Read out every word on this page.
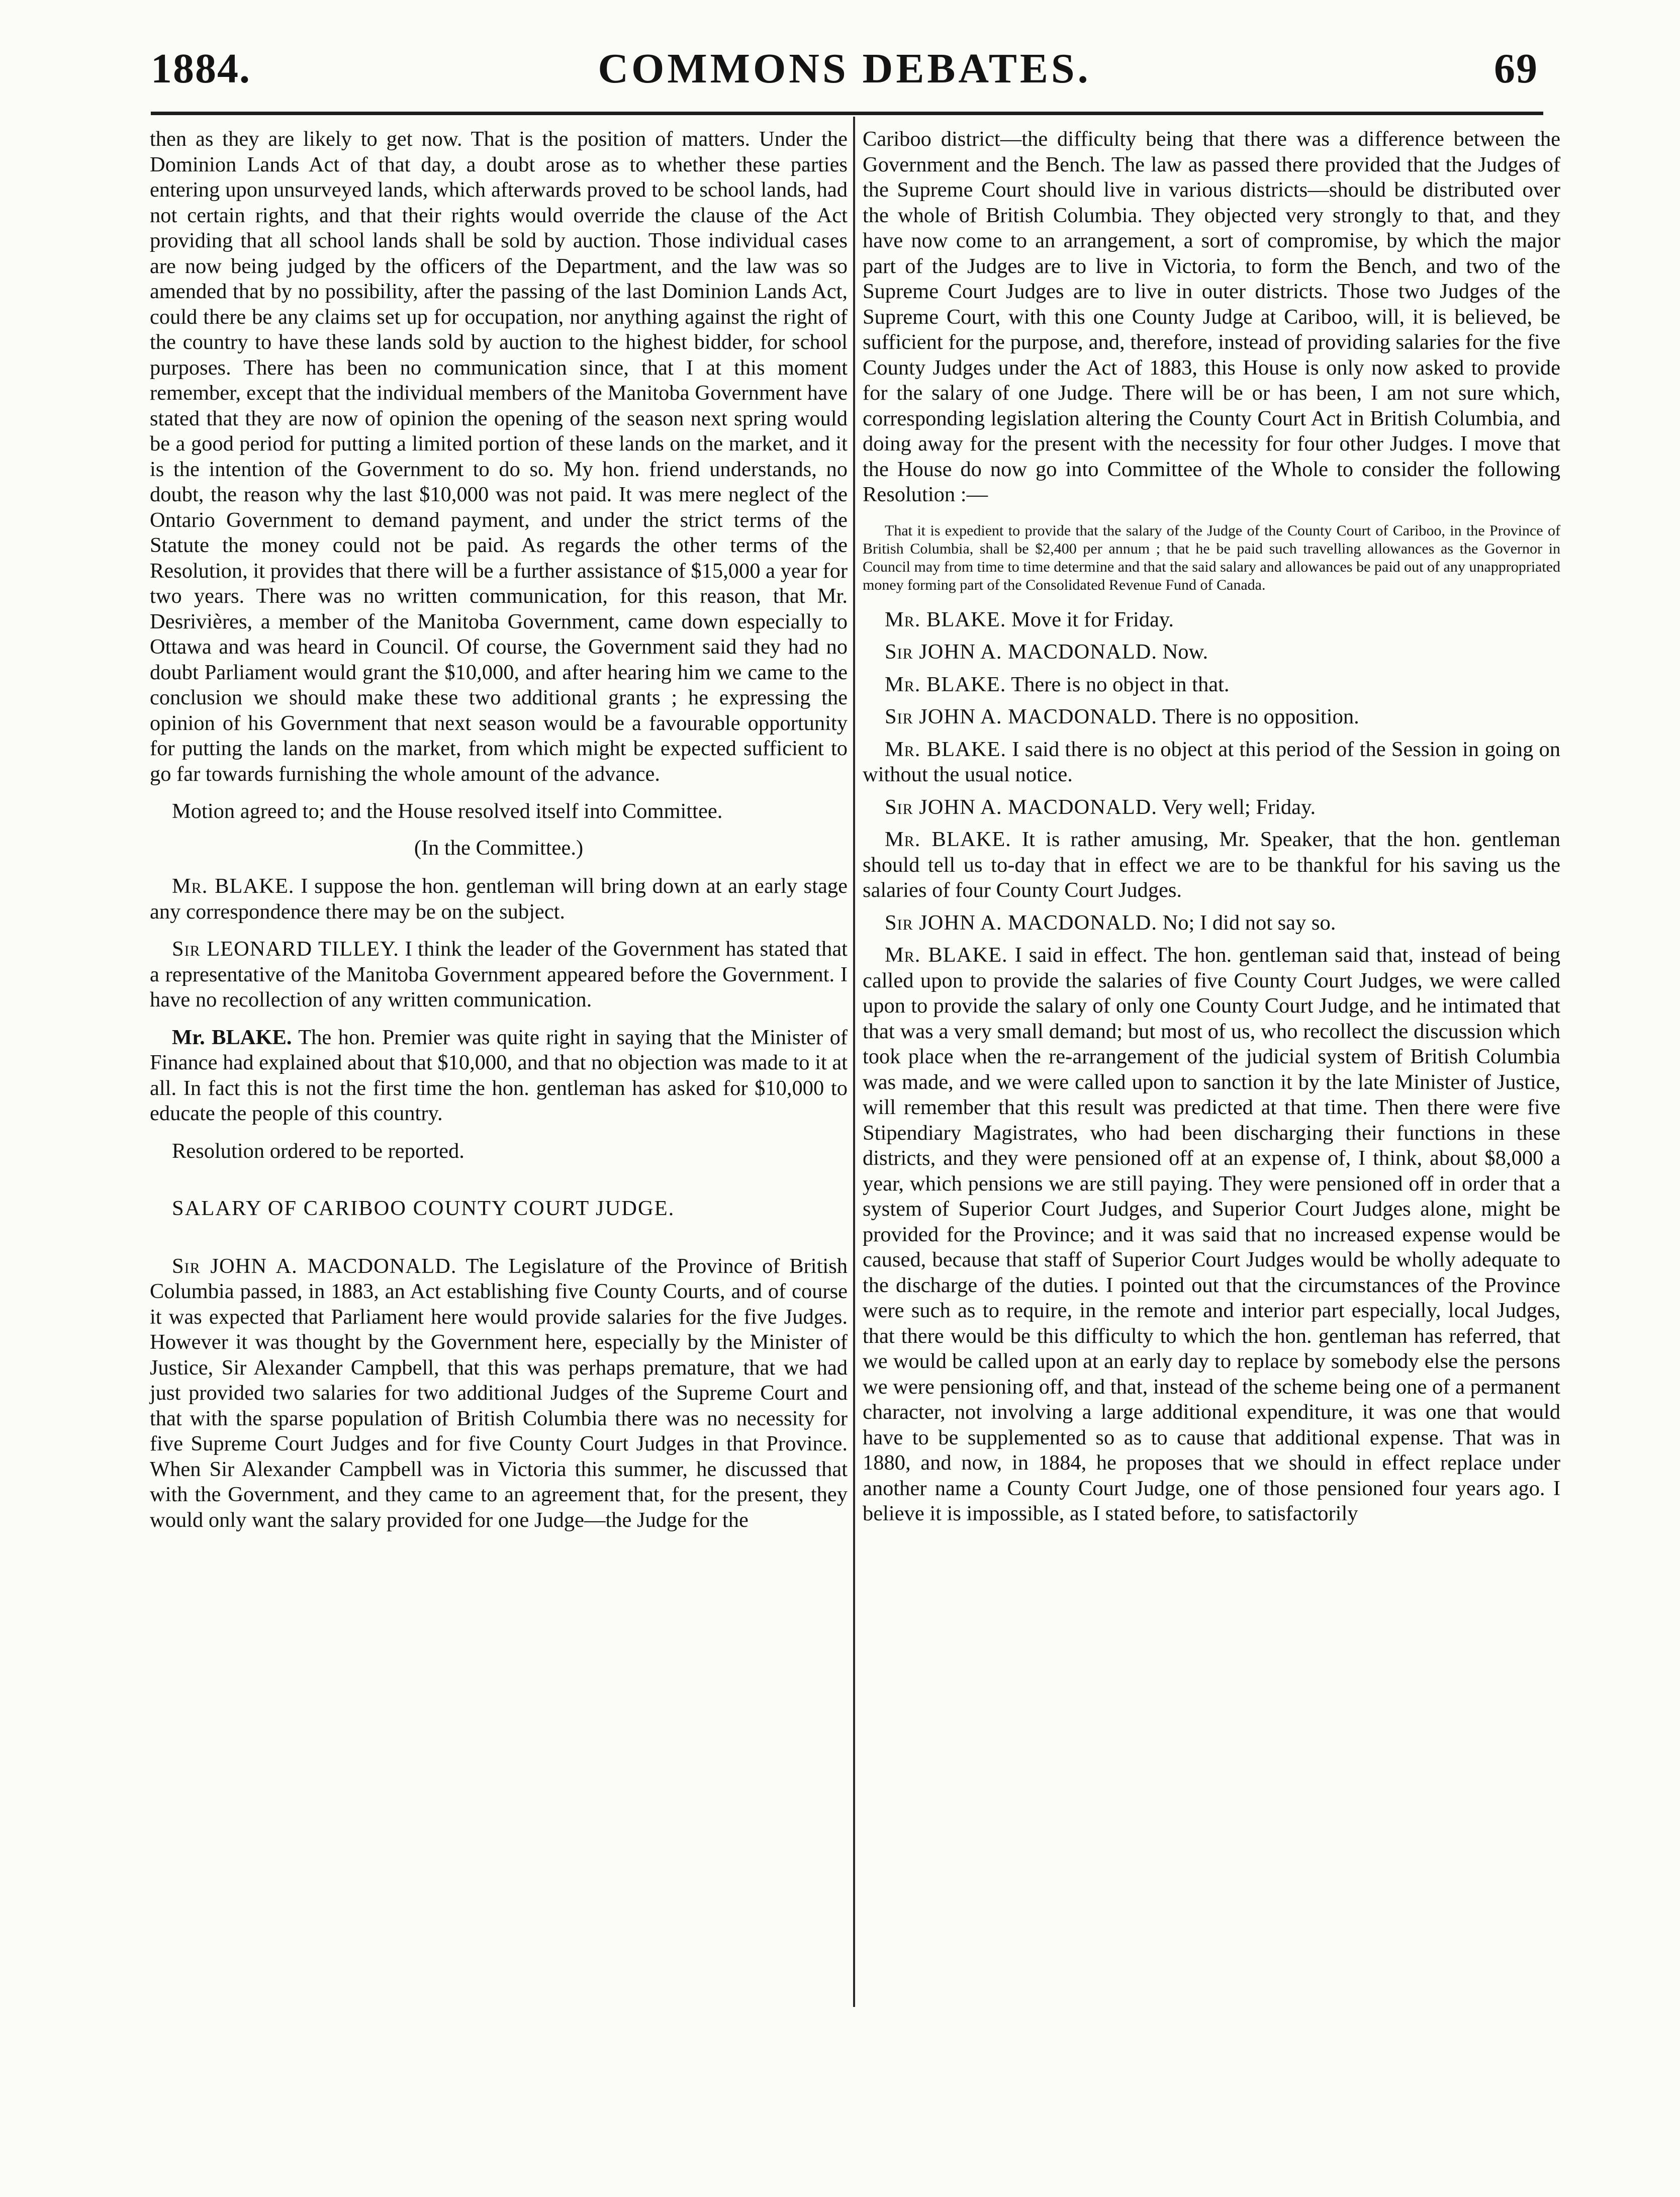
1884.	COMMONS DEBATES.	69

then as they are likely to get now. That is the position of matters. Under the Dominion Lands Act of that day, a doubt arose as to whether these parties entering upon unsurveyed lands, which afterwards proved to be school lands, had not certain rights, and that their rights would override the clause of the Act providing that all school lands shall be sold by auction. Those individual cases are now being judged by the officers of the Department, and the law was so amended that by no possibility, after the passing of the last Dominion Lands Act, could there be any claims set up for occupation, nor anything against the right of the country to have these lands sold by auction to the highest bidder, for school purposes. There has been no communication since, that I at this moment remember, except that the individual members of the Manitoba Government have stated that they are now of opinion the opening of the season next spring would be a good period for putting a limited portion of these lands on the market, and it is the intention of the Government to do so. My hon. friend understands, no doubt, the reason why the last $10,000 was not paid. It was mere neglect of the Ontario Government to demand payment, and under the strict terms of the Statute the money could not be paid. As regards the other terms of the Resolution, it provides that there will be a further assistance of $15,000 a year for two years. There was no written communication, for this reason, that Mr. Desrivières, a member of the Manitoba Government, came down especially to Ottawa and was heard in Council. Of course, the Government said they had no doubt Parliament would grant the $10,000, and after hearing him we came to the conclusion we should make these two additional grants ; he expressing the opinion of his Government that next season would be a favourable opportunity for putting the lands on the market, from which might be expected sufficient to go far towards furnishing the whole amount of the advance.

Motion agreed to; and the House resolved itself into Committee.

(In the Committee.)

Mr. BLAKE. I suppose the hon. gentleman will bring down at an early stage any correspondence there may be on the subject.

Sir LEONARD TILLEY. I think the leader of the Government has stated that a representative of the Manitoba Government appeared before the Government. I have no recollection of any written communication.

Mr. BLAKE. The hon. Premier was quite right in saying that the Minister of Finance had explained about that $10,000, and that no objection was made to it at all. In fact this is not the first time the hon. gentleman has asked for $10,000 to educate the people of this country.

Resolution ordered to be reported.

SALARY OF CARIBOO COUNTY COURT JUDGE.

Sir JOHN A. MACDONALD. The Legislature of the Province of British Columbia passed, in 1883, an Act establishing five County Courts, and of course it was expected that Parliament here would provide salaries for the five Judges. However it was thought by the Government here, especially by the Minister of Justice, Sir Alexander Campbell, that this was perhaps premature, that we had just provided two salaries for two additional Judges of the Supreme Court and that with the sparse population of British Columbia there was no necessity for five Supreme Court Judges and for five County Court Judges in that Province. When Sir Alexander Campbell was in Victoria this summer, he discussed that with the Government, and they came to an agreement that, for the present, they would only want the salary provided for one Judge—the Judge for the

Cariboo district—the difficulty being that there was a difference between the Government and the Bench. The law as passed there provided that the Judges of the Supreme Court should live in various districts—should be distributed over the whole of British Columbia. They objected very strongly to that, and they have now come to an arrangement, a sort of compromise, by which the major part of the Judges are to live in Victoria, to form the Bench, and two of the Supreme Court Judges are to live in outer districts. Those two Judges of the Supreme Court, with this one County Judge at Cariboo, will, it is believed, be sufficient for the purpose, and, therefore, instead of providing salaries for the five County Judges under the Act of 1883, this House is only now asked to provide for the salary of one Judge. There will be or has been, I am not sure which, corresponding legislation altering the County Court Act in British Columbia, and doing away for the present with the necessity for four other Judges. I move that the House do now go into Committee of the Whole to consider the following Resolution :—

That it is expedient to provide that the salary of the Judge of the County Court of Cariboo, in the Province of British Columbia, shall be $2,400 per annum ; that he be paid such travelling allowances as the Governor in Council may from time to time determine and that the said salary and allowances be paid out of any unappropriated money forming part of the Consolidated Revenue Fund of Canada.

Mr. BLAKE. Move it for Friday.

Sir JOHN A. MACDONALD. Now.

Mr. BLAKE. There is no object in that.

Sir JOHN A. MACDONALD. There is no opposition.

Mr. BLAKE. I said there is no object at this period of the Session in going on without the usual notice.

Sir JOHN A. MACDONALD. Very well; Friday.

Mr. BLAKE. It is rather amusing, Mr. Speaker, that the hon. gentleman should tell us to-day that in effect we are to be thankful for his saving us the salaries of four County Court Judges.

Sir JOHN A. MACDONALD. No; I did not say so.

Mr. BLAKE. I said in effect. The hon. gentleman said that, instead of being called upon to provide the salaries of five County Court Judges, we were called upon to provide the salary of only one County Court Judge, and he intimated that that was a very small demand; but most of us, who recollect the discussion which took place when the re-arrangement of the judicial system of British Columbia was made, and we were called upon to sanction it by the late Minister of Justice, will remember that this result was predicted at that time. Then there were five Stipendiary Magistrates, who had been discharging their functions in these districts, and they were pensioned off at an expense of, I think, about $8,000 a year, which pensions we are still paying. They were pensioned off in order that a system of Superior Court Judges, and Superior Court Judges alone, might be provided for the Province; and it was said that no increased expense would be caused, because that staff of Superior Court Judges would be wholly adequate to the discharge of the duties. I pointed out that the circumstances of the Province were such as to require, in the remote and interior part especially, local Judges, that there would be this difficulty to which the hon. gentleman has referred, that we would be called upon at an early day to replace by somebody else the persons we were pensioning off, and that, instead of the scheme being one of a permanent character, not involving a large additional expenditure, it was one that would have to be supplemented so as to cause that additional expense. That was in 1880, and now, in 1884, he proposes that we should in effect replace under another name a County Court Judge, one of those pensioned four years ago. I believe it is impossible, as I stated before, to satisfactorily
